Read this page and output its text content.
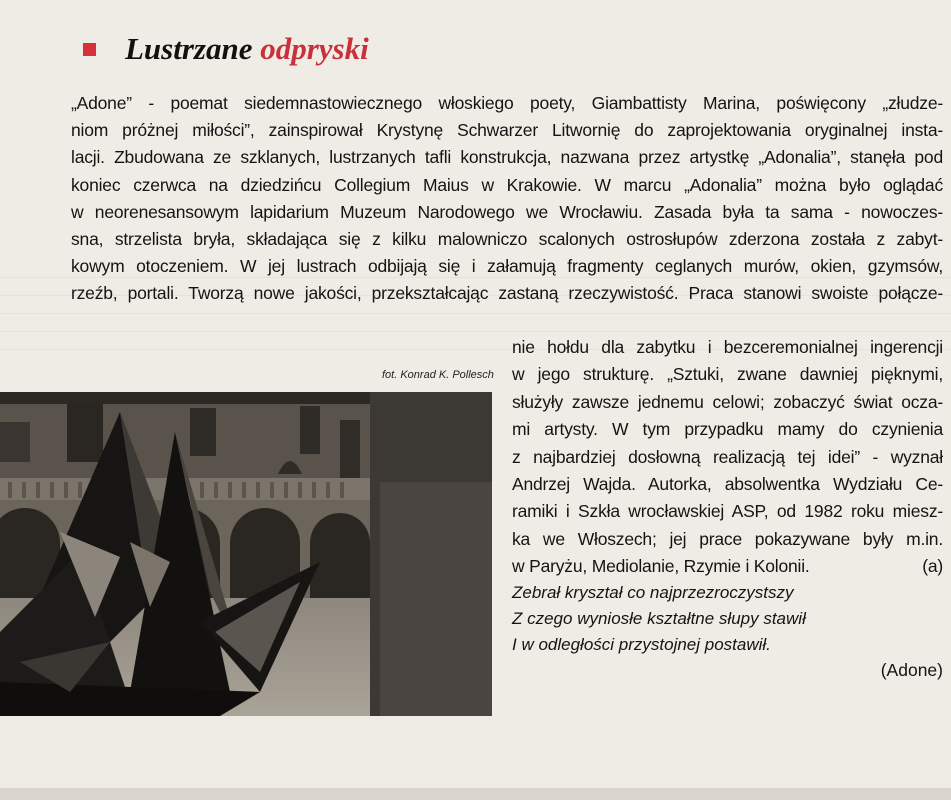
Lustrzane odpryski
„Adone” - poemat siedemnastowiecznego włoskiego poety, Giambattisty Marina, poświęcony „złudze-
niom próżnej miłości”, zainspirował Krystynę Schwarzer Litwornię do zaprojektowania oryginalnej insta-
lacji. Zbudowana ze szklanych, lustrzanych tafli konstrukcja, nazwana przez artystkę „Adonalia”, stanęła pod
koniec czerwca na dziedzińcu Collegium Maius w Krakowie. W marcu „Adonalia” można było oglądać
w neorenesansowym lapidarium Muzeum Narodowego we Wrocławiu. Zasada była ta sama - nowoczes-
sna, strzelista bryła, składająca się z kilku malowniczo scalonych ostrosłupów zderzona została z zabyt-
kowym otoczeniem. W jej lustrach odbijają się i załamują fragmenty ceglanych murów, okien, gzymsów,
rzeźb, portali. Tworzą nowe jakości, przekształcając zastaną rzeczywistość. Praca stanowi swoiste połącze-
nie hołdu dla zabytku i bezceremonialnej ingerencji
w jego strukturę. „Sztuki, zwane dawniej pięknymi,
służyły zawsze jednemu celowi; zobaczyć świat ocza-
mi artysty. W tym przypadku mamy do czynienia
z najbardziej dosłowną realizacją tej idei” - wyznał
Andrzej Wajda. Autorka, absolwentka Wydziału Ce-
ramiki i Szkła wrocławskiej ASP, od 1982 roku miesz-
ka we Włoszech; jej prace pokazywane były m.in.
w Paryżu, Mediolanie, Rzymie i Kolonii.	(a)
fot. Konrad K. Pollesch
Zebrał kryształ co najprzezroczystszy
Z czego wyniosłe kształtne słupy stawił
I w odległości przystojnej postawił.
(Adone)
